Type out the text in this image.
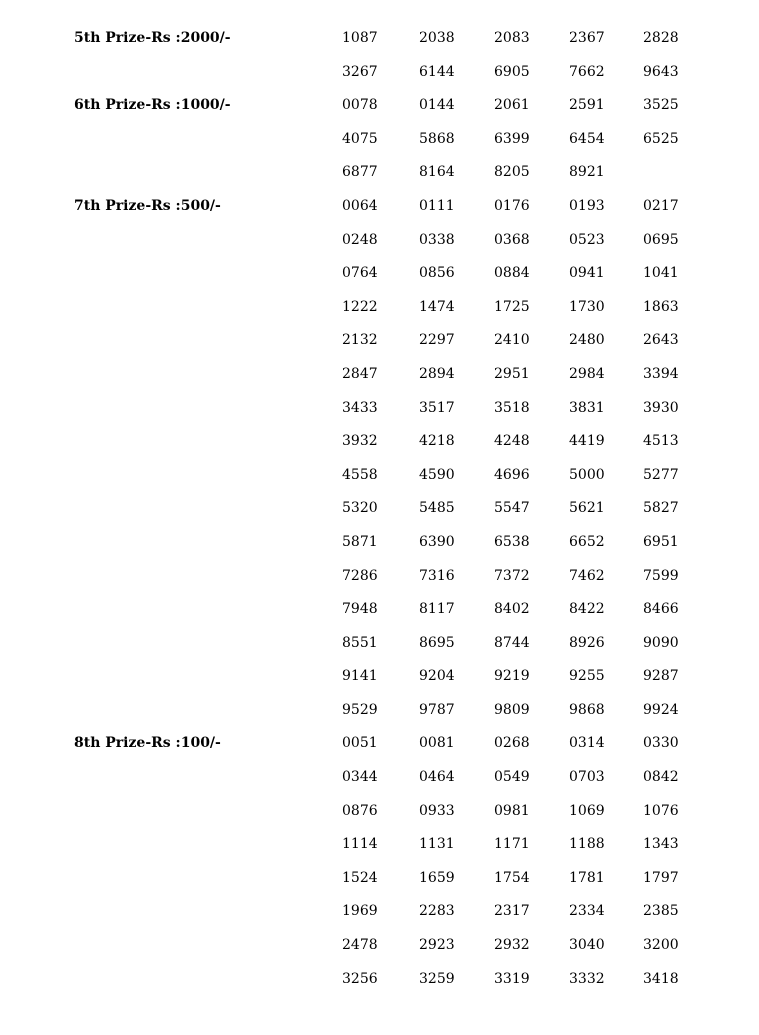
5th Prize-Rs :2000/-	1087	2038	2083	2367	2828
3267	6144	6905	7662	9643
6th Prize-Rs :1000/-	0078	0144	2061	2591	3525
4075	5868	6399	6454	6525
6877	8164	8205	8921
7th Prize-Rs :500/-	0064	0111	0176	0193	0217
0248	0338	0368	0523	0695
0764	0856	0884	0941	1041
1222	1474	1725	1730	1863
2132	2297	2410	2480	2643
2847	2894	2951	2984	3394
3433	3517	3518	3831	3930
3932	4218	4248	4419	4513
4558	4590	4696	5000	5277
5320	5485	5547	5621	5827
5871	6390	6538	6652	6951
7286	7316	7372	7462	7599
7948	8117	8402	8422	8466
8551	8695	8744	8926	9090
9141	9204	9219	9255	9287
9529	9787	9809	9868	9924
8th Prize-Rs :100/-	0051	0081	0268	0314	0330
0344	0464	0549	0703	0842
0876	0933	0981	1069	1076
1114	1131	1171	1188	1343
1524	1659	1754	1781	1797
1969	2283	2317	2334	2385
2478	2923	2932	3040	3200
3256	3259	3319	3332	3418
